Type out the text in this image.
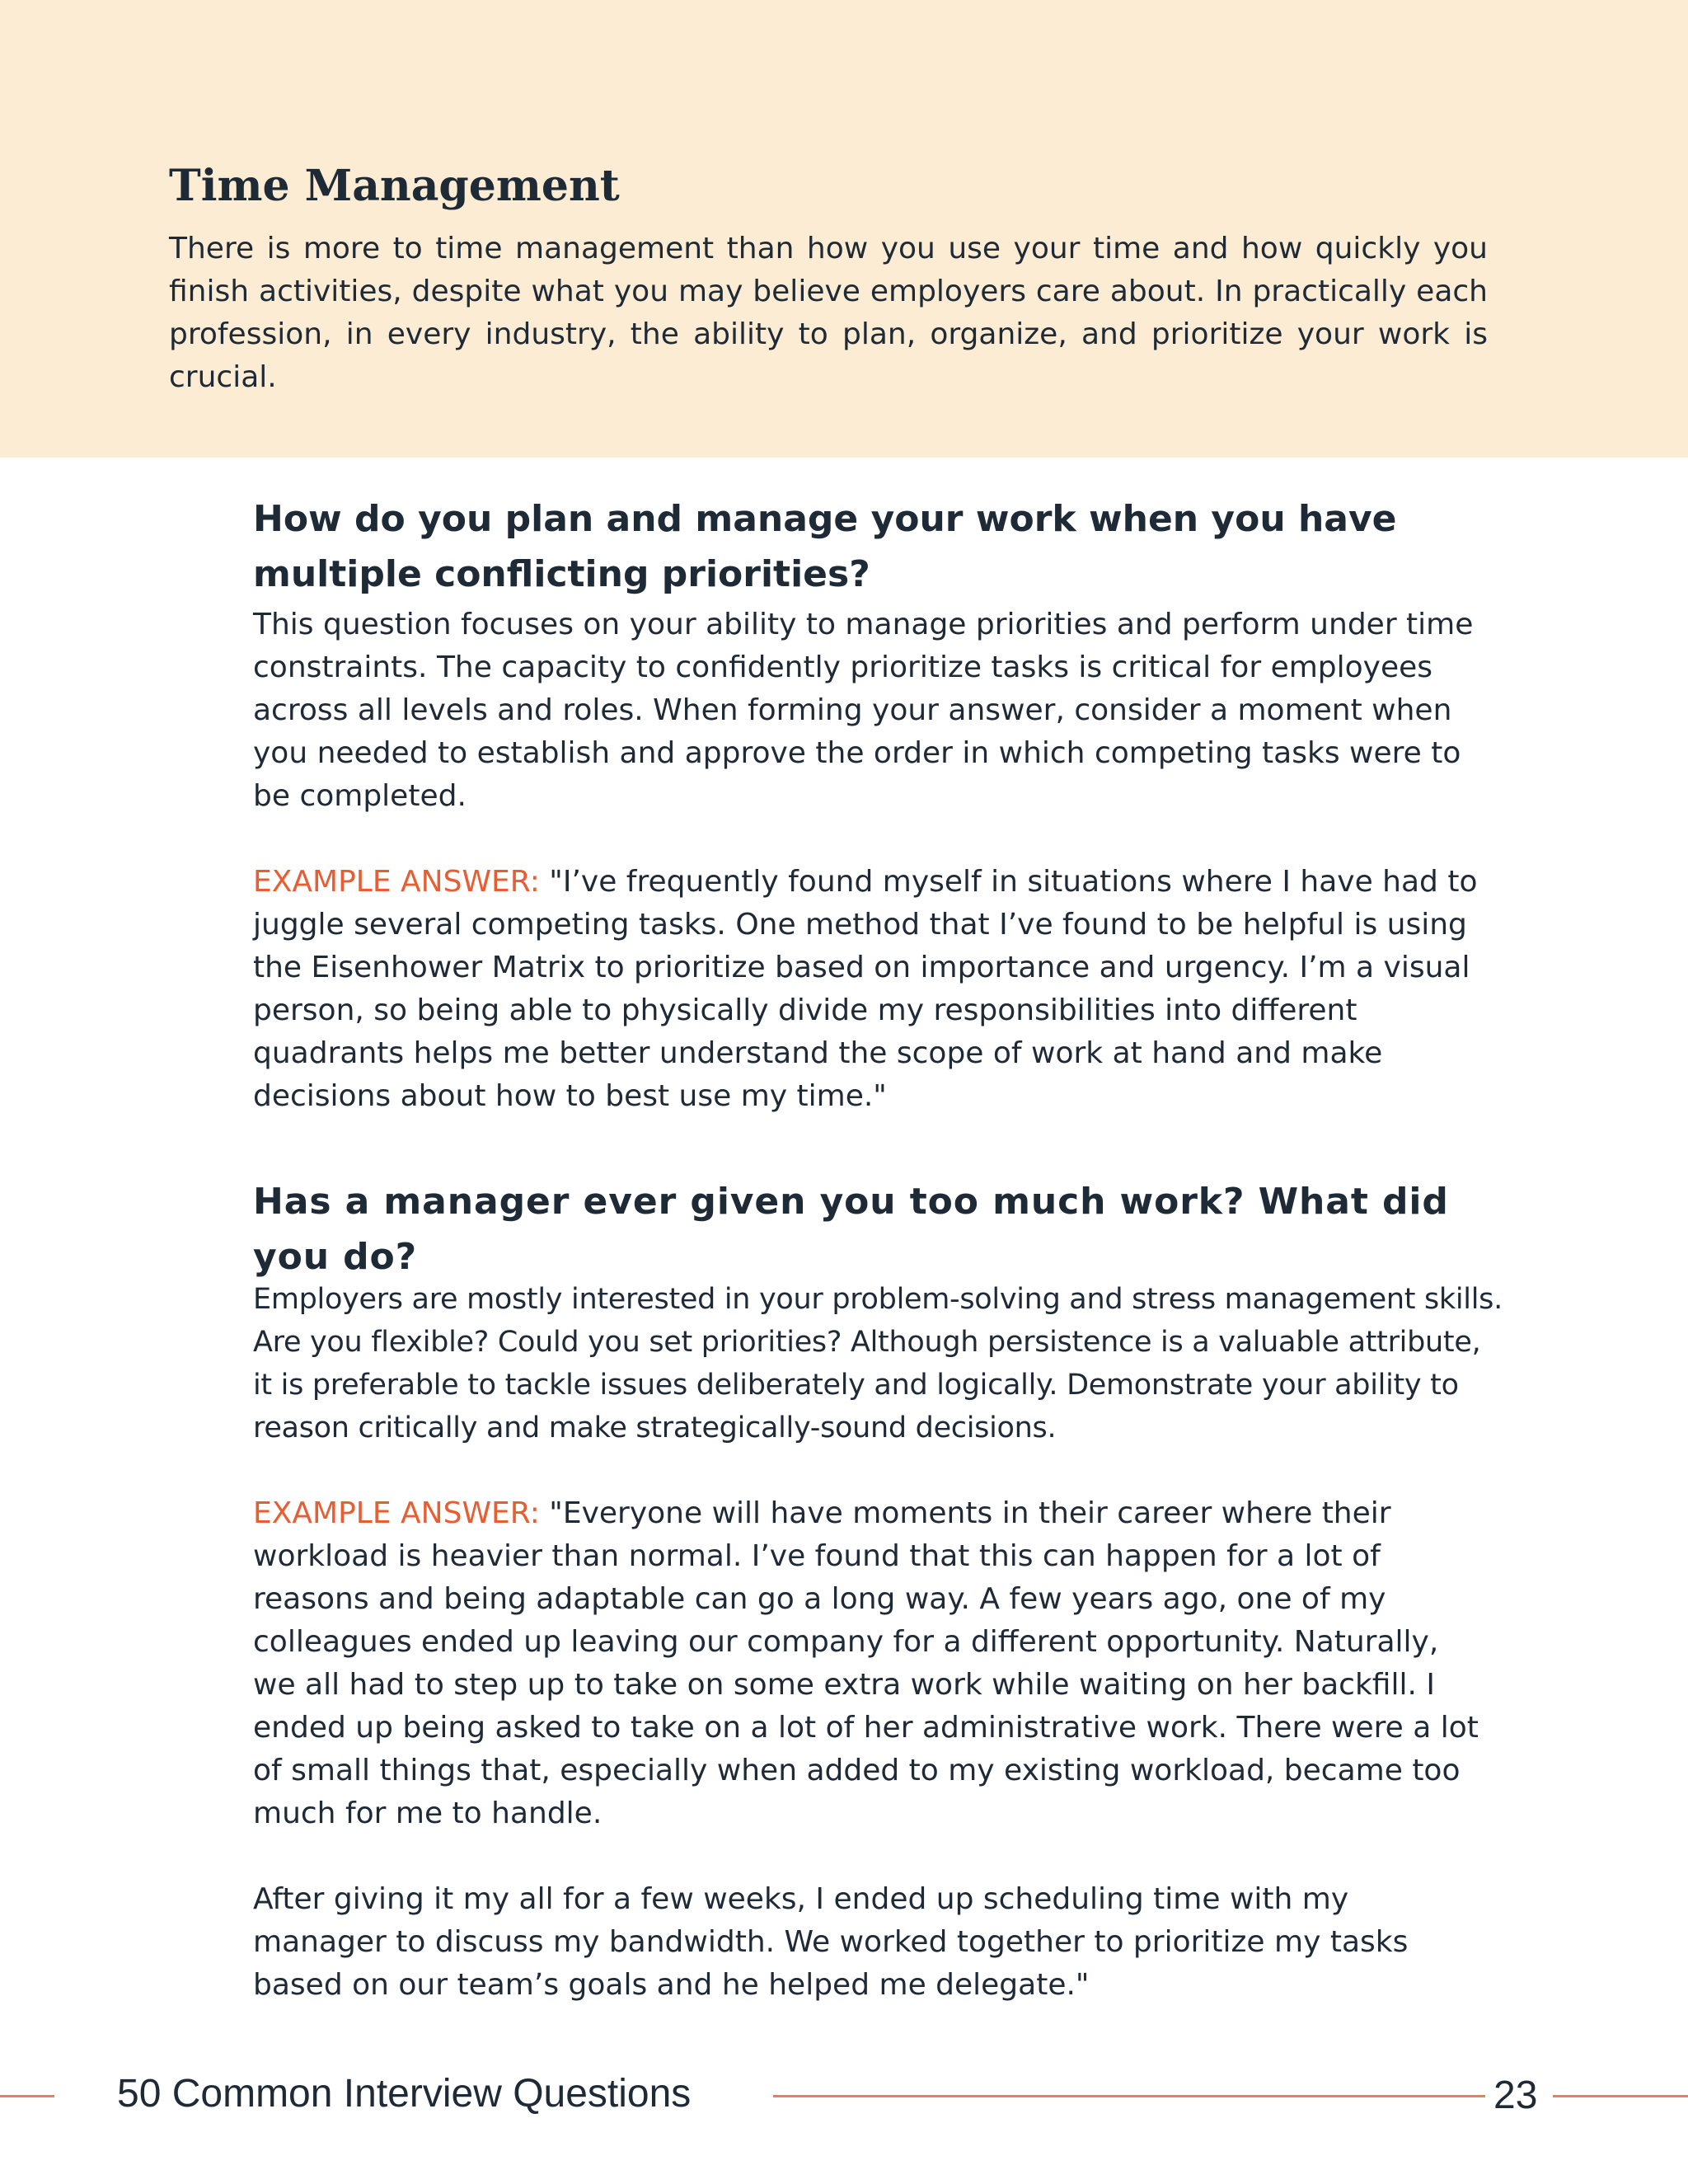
Time Management

There is more to time management than how you use your time and how quickly you finish activities, despite what you may believe employers care about. In practically each profession, in every industry, the ability to plan, organize, and prioritize your work is crucial.

How do you plan and manage your work when you have multiple conflicting priorities?

This question focuses on your ability to manage priorities and perform under time constraints. The capacity to confidently prioritize tasks is critical for employees across all levels and roles. When forming your answer, consider a moment when you needed to establish and approve the order in which competing tasks were to be completed.

EXAMPLE ANSWER: "I’ve frequently found myself in situations where I have had to juggle several competing tasks. One method that I’ve found to be helpful is using the Eisenhower Matrix to prioritize based on importance and urgency. I’m a visual person, so being able to physically divide my responsibilities into different quadrants helps me better understand the scope of work at hand and make decisions about how to best use my time."

Has a manager ever given you too much work? What did you do?

Employers are mostly interested in your problem-solving and stress management skills. Are you flexible? Could you set priorities? Although persistence is a valuable attribute, it is preferable to tackle issues deliberately and logically. Demonstrate your ability to reason critically and make strategically-sound decisions.

EXAMPLE ANSWER: "Everyone will have moments in their career where their workload is heavier than normal. I’ve found that this can happen for a lot of reasons and being adaptable can go a long way. A few years ago, one of my colleagues ended up leaving our company for a different opportunity. Naturally, we all had to step up to take on some extra work while waiting on her backfill. I ended up being asked to take on a lot of her administrative work. There were a lot of small things that, especially when added to my existing workload, became too much for me to handle.

After giving it my all for a few weeks, I ended up scheduling time with my manager to discuss my bandwidth. We worked together to prioritize my tasks based on our team’s goals and he helped me delegate."

50 Common Interview Questions	23
